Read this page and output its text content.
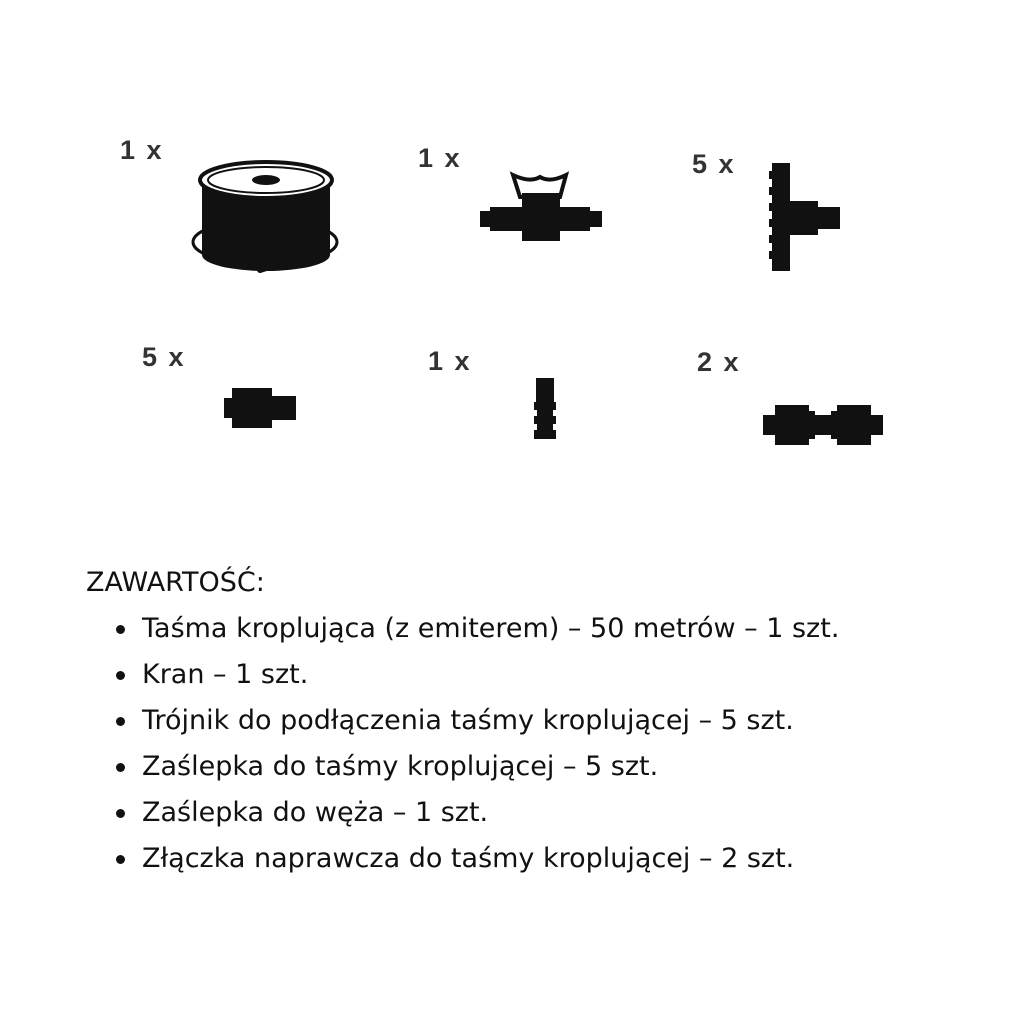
1 x	1 x	5 x
5 x	1 x	2 x
ZAWARTOŚĆ:
Taśma kroplująca (z emiterem) – 50 metrów – 1 szt.
Kran – 1 szt.
Trójnik do podłączenia taśmy kroplującej – 5 szt.
Zaślepka do taśmy kroplującej – 5 szt.
Zaślepka do węża – 1 szt.
Złączka naprawcza do taśmy kroplującej – 2 szt.
